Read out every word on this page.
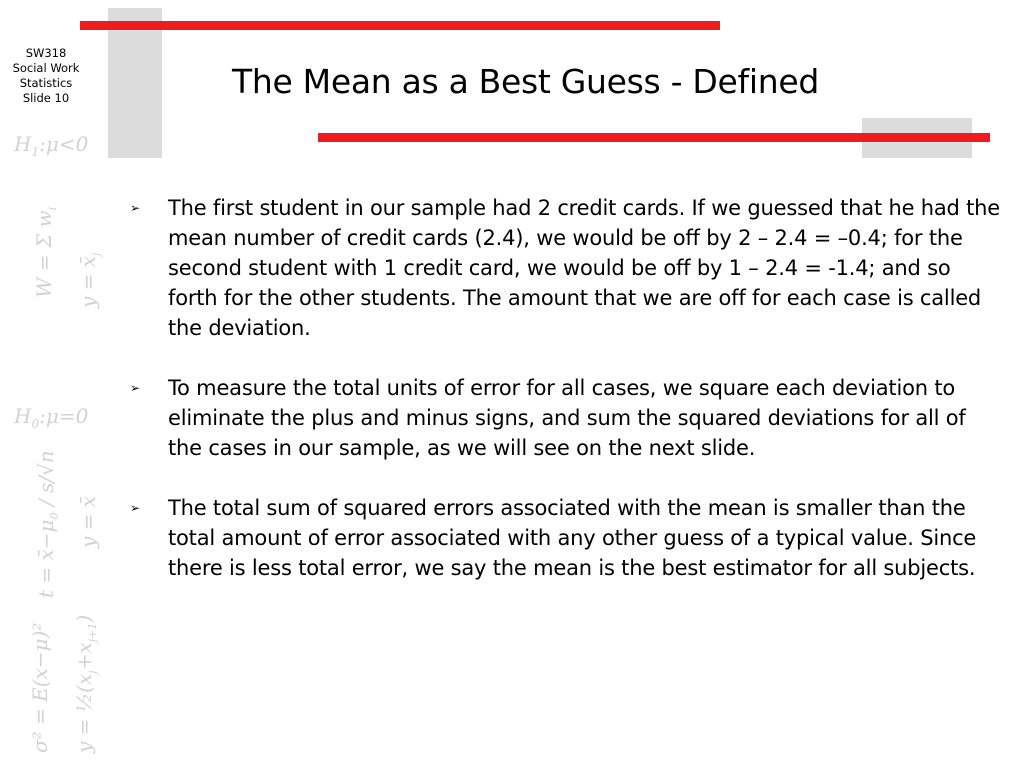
$H_1:\mu<0$
W = Σ $w_i$
$y = x̄_j$
$H_0:\mu=0$
$t = x̄-\mu_0 / s/√n$
y = x̄
σ² = E(x−μ)² $y = \frac{1}{2}(x_j+x_{j+1})$
SW318
Social Work
Statistics
Slide 10	The Mean as a Best Guess - Defined
➢ The first student in our sample had 2 credit cards. If we guessed that he had the mean number of credit cards (2.4), we would be off by 2 – 2.4 = –0.4; for the second student with 1 credit card, we would be off by 1 – 2.4 = -1.4; and so forth for the other students. The amount that we are off for each case is called the deviation.
➢ To measure the total units of error for all cases, we square each deviation to eliminate the plus and minus signs, and sum the squared deviations for all of the cases in our sample, as we will see on the next slide.
➢ The total sum of squared errors associated with the mean is smaller than the total amount of error associated with any other guess of a typical value. Since there is less total error, we say the mean is the best estimator for all subjects.
